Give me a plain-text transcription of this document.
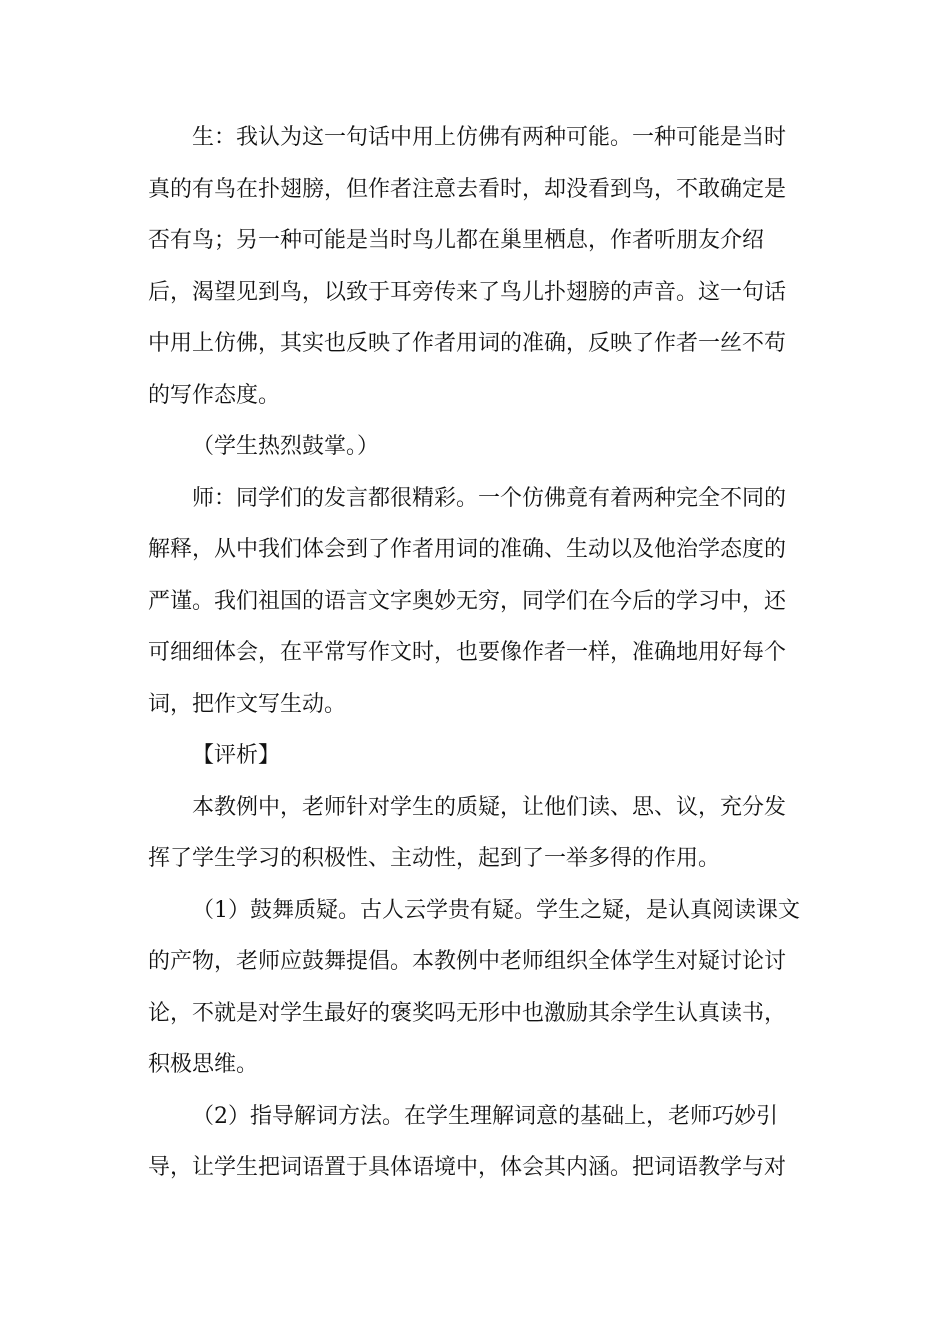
生：我认为这一句话中用上仿佛有两种可能。一种可能是当时
真的有鸟在扑翅膀，但作者注意去看时，却没看到鸟，不敢确定是
否有鸟；另一种可能是当时鸟儿都在巢里栖息，作者听朋友介绍
后，渴望见到鸟，以致于耳旁传来了鸟儿扑翅膀的声音。这一句话
中用上仿佛，其实也反映了作者用词的准确，反映了作者一丝不苟
的写作态度。
（学生热烈鼓掌。）
师：同学们的发言都很精彩。一个仿佛竟有着两种完全不同的
解释，从中我们体会到了作者用词的准确、生动以及他治学态度的
严谨。我们祖国的语言文字奥妙无穷，同学们在今后的学习中，还
可细细体会，在平常写作文时，也要像作者一样，准确地用好每个
词，把作文写生动。
【评析】
本教例中，老师针对学生的质疑，让他们读、思、议，充分发
挥了学生学习的积极性、主动性，起到了一举多得的作用。
（1）鼓舞质疑。古人云学贵有疑。学生之疑，是认真阅读课文
的产物，老师应鼓舞提倡。本教例中老师组织全体学生对疑讨论讨
论，不就是对学生最好的褒奖吗无形中也激励其余学生认真读书，
积极思维。
（2）指导解词方法。在学生理解词意的基础上，老师巧妙引
导，让学生把词语置于具体语境中，体会其内涵。把词语教学与对
